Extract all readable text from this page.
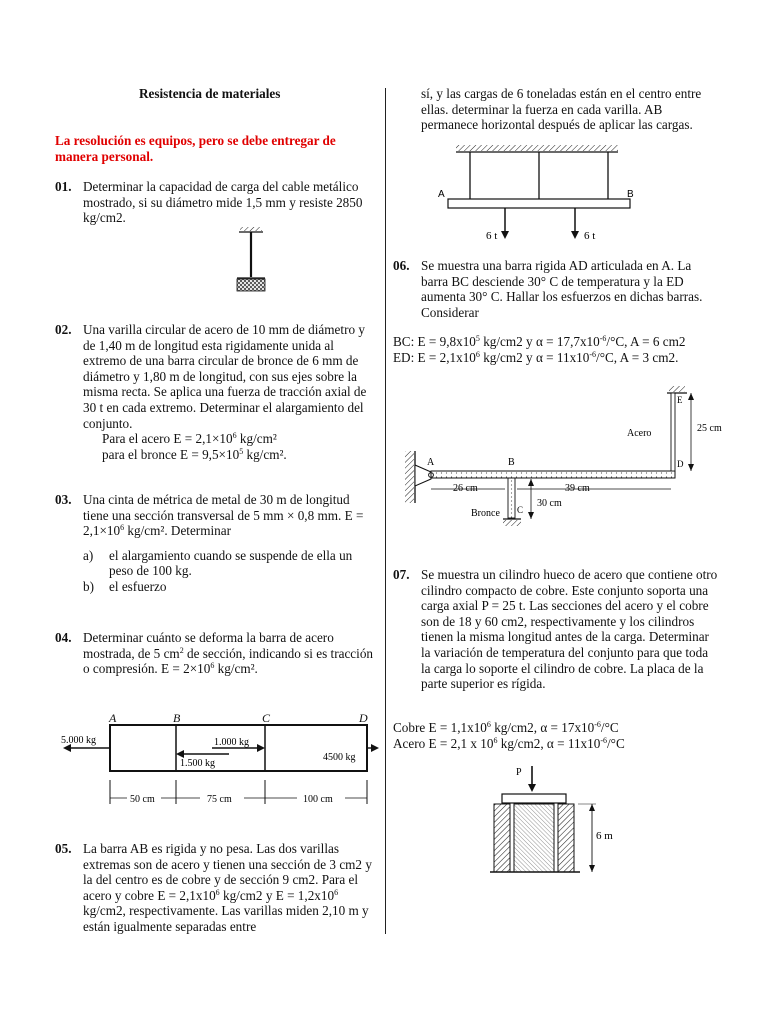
Resistencia de materiales
La resolución es equipos, pero se debe entregar de manera personal.
01. Determinar la capacidad de carga del cable metálico mostrado, si su diámetro mide 1,5 mm y resiste 2850 kg/cm2.
02. Una varilla circular de acero de 10 mm de diámetro y de 1,40 m de longitud esta rigidamente unida al extremo de una barra circular de bronce de 6 mm de diámetro y 1,80 m de longitud, con sus ejes sobre la misma recta. Se aplica una fuerza de tracción axial de 30 t en cada extremo. Determinar el alargamiento del conjunto.
Para el acero $E = 2,1\times 10^6$ kg/cm²
para el bronce $E = 9,5\times 10^5$ kg/cm².
03. Una cinta de métrica de metal de 30 m de longitud tiene una sección transversal de 5 mm × 0,8 mm. $E = 2,1\times 10^6$ kg/cm². Determinar
a) el alargamiento cuando se suspende de ella un peso de 100 kg.
b) el esfuerzo
04. Determinar cuánto se deforma la barra de acero mostrada, de 5 $cm^2$ de sección, indicando si es tracción o compresión. $E = 2\times 10^6$ kg/cm².
A	B	C	D
5.000 kg	1.000 kg
1.500 kg
4500 kg
50 cm	75 cm	100 cm
05. La barra AB es rigida y no pesa. Las dos varillas extremas son de acero y tienen una sección de 3 cm2 y la del centro es de cobre y de sección 9 cm2. Para el acero y cobre $E = 2,1x10^6$ kg/cm2 y $E = 1,2x10^6$ kg/cm2, respectivamente. Las varillas miden 2,10 m y están igualmente separadas entre
sí, y las cargas de 6 toneladas están en el centro entre ellas. determinar la fuerza en cada varilla. AB permanece horizontal después de aplicar las cargas.
A	B
6 t	6 t
06. Se muestra una barra rigida AD articulada en A. La barra BC desciende 30° C de temperatura y la ED aumenta 30° C. Hallar los esfuerzos en dichas barras. Considerar
BC: $E = 9,8x10^5$ kg/cm2 y $\alpha = 17,7x10^{-6}/^\circ C$, A = 6 cm2
ED: $E = 2,1x10^6$ kg/cm2 y $\alpha = 11x10^{-6}/^\circ C$, A = 3 cm2.
A	B
E
D
Acero	25 cm
26 cm	39 cm
C
Bronce
30 cm
07. Se muestra un cilindro hueco de acero que contiene otro cilindro compacto de cobre. Este conjunto soporta una carga axial P = 25 t. Las secciones del acero y el cobre son de 18 y 60 cm2, respectivamente y los cilindros tienen la misma longitud antes de la carga. Determinar la variación de temperatura del conjunto para que toda la carga lo soporte el cilindro de cobre. La placa de la parte superior es rígida.
Cobre $E = 1,1x10^6$ kg/cm2, $\alpha = 17x10^{-6}/^\circ C$
Acero E = 2,1 x $10^6$ kg/cm2, $\alpha = 11x10^{-6}/^\circ C$
P
6 m
